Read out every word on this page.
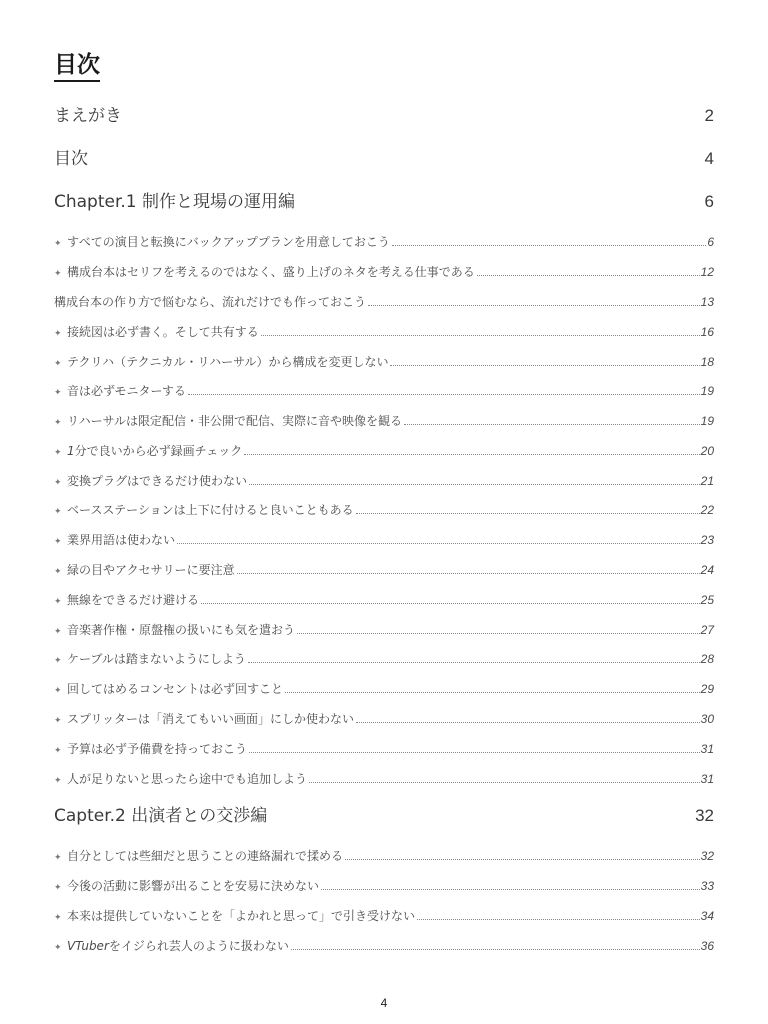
目次
まえがき	2
目次	4
Chapter.1 制作と現場の運用編	6
✦ すべての演目と転換にバックアッププランを用意しておこう	6
✦ 構成台本はセリフを考えるのではなく、盛り上げのネタを考える仕事である	12
構成台本の作り方で悩むなら、流れだけでも作っておこう	13
✦ 接続図は必ず書く。そして共有する	16
✦ テクリハ（テクニカル・リハーサル）から構成を変更しない	18
✦ 音は必ずモニターする	19
✦ リハーサルは限定配信・非公開で配信、実際に音や映像を観る	19
✦ 1分で良いから必ず録画チェック	20
✦ 変換プラグはできるだけ使わない	21
✦ ベースステーションは上下に付けると良いこともある	22
✦ 業界用語は使わない	23
✦ 緑の目やアクセサリーに要注意	24
✦ 無線をできるだけ避ける	25
✦ 音楽著作権・原盤権の扱いにも気を遣おう	27
✦ ケーブルは踏まないようにしよう	28
✦ 回してはめるコンセントは必ず回すこと	29
✦ スプリッターは「消えてもいい画面」にしか使わない	30
✦ 予算は必ず予備費を持っておこう	31
✦ 人が足りないと思ったら途中でも追加しよう	31
Capter.2 出演者との交渉編	32
✦ 自分としては些細だと思うことの連絡漏れで揉める	32
✦ 今後の活動に影響が出ることを安易に決めない	33
✦ 本来は提供していないことを「よかれと思って」で引き受けない	34
✦ VTuberをイジられ芸人のように扱わない	36
4
